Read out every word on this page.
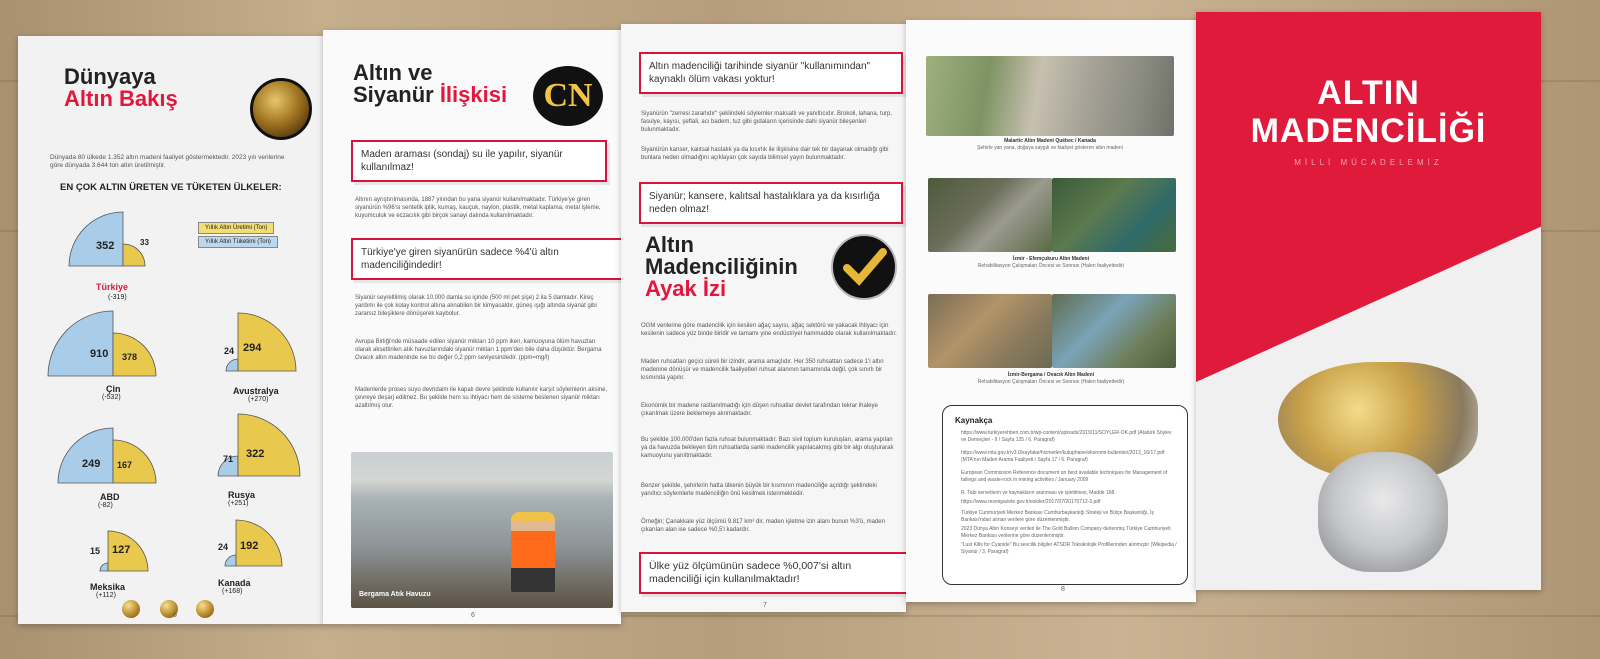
Dünyaya
Altın Bakış
Dünyada 80 ülkede 1.352 altın madeni faaliyet göstermektedir. 2023 yılı verilerine göre dünyada 3.644 ton altın üretilmiştir.
EN ÇOK ALTIN ÜRETEN VE TÜKETEN ÜLKELER:
Yıllık Altın Üretimi (Ton)
Yıllık Altın Tüketimi (Ton)
352	33
Türkiye
(-319)
910 378
Çin
(-532)
24 294
Avustralya
(+270)
249 167
ABD
(-82)
71 322
Rusya
(+251)
15 127
Meksika
(+112)
24 192
Kanada
(+168)
5
Altın ve
Siyanür İlişkisi	CN
Maden araması (sondaj) su ile yapılır, siyanür kullanılmaz!
Altının ayrıştırılmasında, 1887 yılından bu yana siyanür kullanılmaktadır. Türkiye'ye giren siyanürün %96'sı sentetik iplik, kumaş, kauçuk, naylon, plastik, metal kaplama, metal işleme, kuyumculuk ve eczacılık gibi birçok sanayi dalında kullanılmaktadır.
Türkiye'ye giren siyanürün sadece %4'ü altın madenciliğindedir!
Siyanür seyreltilmiş olarak 10.000 damla su içinde (500 ml pet şişe) 2 ila 5 damladır. Kireç yardımı ile çok kolay kontrol altına alınabilen bir kimyasaldır, güneş ışığı altında siyanat gibi zararsız bileşiklere dönüşerek kaybolur.
Avrupa Birliği'nde müsaade edilen siyanür miktarı 10 ppm iken, kamuoyuna ölüm havuzları olarak aksettirilen atık havuzlarındaki siyanür miktarı 1 ppm'den bile daha düşüktür. Bergama Ovacık altın madeninde ise bu değer 0,2 ppm seviyesindedir. (ppm=mg/l)
Madenlerde proses suyu devridaim ile kapalı devre şeklinde kullanılır karşıt söylemlerin aksine, çevreye deşarj edilmez. Bu şekilde hem su ihtiyacı hem de sisteme beslenen siyanür miktarı azaltılmış olur.
Bergama Atık Havuzu
6
Altın madenciliği tarihinde siyanür "kullanımından" kaynaklı ölüm vakası yoktur!
Siyanürün "zerresi zararlıdır" şeklindeki söylemler maksatlı ve yanıltıcıdır. Brokoli, lahana, turp, fasulye, kayısı, şeftali, acı badem, tuz gibi gıdaların içerisinde dahi siyanür bileşenleri bulunmaktadır.
Siyanürün kanser, kalıtsal hastalık ya da kısırlık ile ilişkisine dair tek bir dayanak olmadığı gibi bunlara neden olmadığını açıklayan çok sayıda bilimsel yayın bulunmaktadır.
Siyanür; kansere, kalıtsal hastalıklara ya da kısırlığa neden olmaz!
Altın
Madenciliğinin
Ayak İzi
OGM verilerine göre madencilik için kesilen ağaç sayısı, ağaç sektörü ve yakacak ihtiyacı için kesilenin sadece yüz binde biridir ve tamamı yine endüstriyel hammadde olarak kullanılmaktadır.
Maden ruhsatları geçici süreli bir izindir, arama amaçlıdır. Her 350 ruhsattan sadece 1'i altın madenine dönüşür ve madencilik faaliyetleri ruhsat alanının tamamında değil, çok sınırlı bir kısmında yapılır.
Ekonomik bir madene rastlanılmadığı için düşen ruhsatlar devlet tarafından tekrar ihaleye çıkarılmak üzere beklemeye alınmaktadır.
Bu şekilde 100.000'den fazla ruhsat bulunmaktadır. Bazı sivil toplum kuruluşları, arama yapılan ya da havuzda bekleyen tüm ruhsatlarda sanki madencilik yapılacakmış gibi bir algı oluşturarak kamuoyunu yanıltmaktadır.
Benzer şekilde, şehirlerin hatta ülkenin büyük bir kısmının madenciliğe açıldığı şeklindeki yanıltıcı söylemlerle madenciliğin önü kesilmek istenmektedir.
Örneğin; Çanakkale yüz ölçümü 9.817 km² dir, maden işletme izin alanı bunun %3'ü, maden çıkarılan alan ise sadece %0,5'i kadardır.
Ülke yüz ölçümünün sadece %0,007'si altın madenciliği için kullanılmaktadır!
7
Malartic Altın Madeni Québec / Kanada
Şehirle yan yana, doğaya saygılı ve faaliyet gösteren altın madeni
İzmir - Efemçukuru Altın Madeni
Rehabilitasyon Çalışmaları Öncesi ve Sonrası (Halen faaliyettedir)
İzmir-Bergama / Ovacık Altın Madeni
Rehabilitasyon Çalışmaları Öncesi ve Sonrası (Halen faaliyettedir)
Kaynakça
https://www.turkiyerehberi.com.tr/wp-content/uploads/2019/11/SOYLER-OK.pdf (Atatürk Söylev ve Demeçleri - II / Sayfa 125 / 6. Paragraf)
https://www.mta.gov.tr/v3.0/sayfalar/hizmetler/kutuphane/ekonomi-bultenleri/2013_16/17.pdf (MTA'nın Maden Arama Faaliyeti / Sayfa 17 / 6. Paragraf)
European Commission Reference document on best available techniques for Management of tailings and waste-rock in mining activities / January 2009
R. Tabi servetlerin ve kaynakların aranması ve işletilmesi, Madde 168.
https://www.resmigazete.gov.tr/eskiler/2017/07/20170712-3.pdf
Türkiye Cumhuriyeti Merkez Bankası Cumhurbaşkanlığı Strateji ve Bütçe Başkanlığı, İş Bankası'ndan alınan verilere göre düzenlenmiştir.
2023 Dünya Altın Konseyi verileri ile The Gold Bullion Company derlenmiş Türkiye Cumhuriyeti Merkez Bankası verilerine göre düzenlenmiştir.
"Lust Kills for Cyanide" Bu sevcilik bilgiler ATSDR Toksikolojik Profillerinden alınmıştır (Wikipedia / Siyanür / 3. Paragraf)
8
ALTIN
MADENCİLİĞİ
MİLLİ MÜCADELEMİZ
